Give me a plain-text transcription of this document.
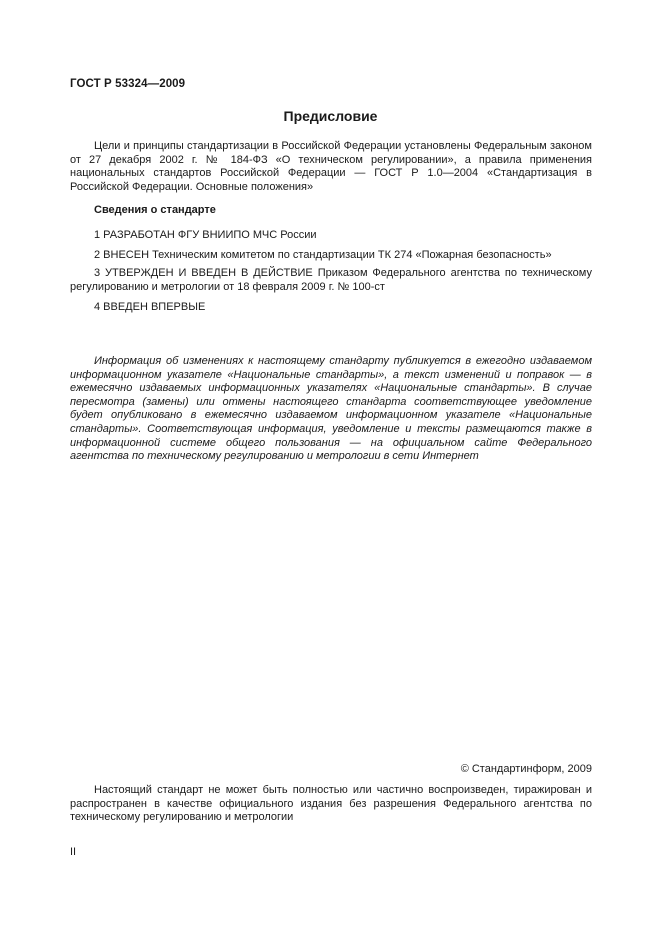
ГОСТ Р 53324—2009
Предисловие

Цели и принципы стандартизации в Российской Федерации установлены Федеральным законом от 27 декабря 2002 г. № 184-ФЗ «О техническом регулировании», а правила применения национальных стандартов Российской Федерации — ГОСТ Р 1.0—2004 «Стандартизация в Российской Федерации. Основные положения»

Сведения о стандарте

1 РАЗРАБОТАН ФГУ ВНИИПО МЧС России

2 ВНЕСЕН Техническим комитетом по стандартизации ТК 274 «Пожарная безопасность»

3 УТВЕРЖДЕН И ВВЕДЕН В ДЕЙСТВИЕ Приказом Федерального агентства по техническому регулированию и метрологии от 18 февраля 2009 г. № 100-ст

4 ВВЕДЕН ВПЕРВЫЕ

Информация об изменениях к настоящему стандарту публикуется в ежегодно издаваемом информационном указателе «Национальные стандарты», а текст изменений и поправок — в ежемесячно издаваемых информационных указателях «Национальные стандарты». В случае пересмотра (замены) или отмены настоящего стандарта соответствующее уведомление будет опубликовано в ежемесячно издаваемом информационном указателе «Национальные стандарты». Соответствующая информация, уведомление и тексты размещаются также в информационной системе общего пользования — на официальном сайте Федерального агентства по техническому регулированию и метрологии в сети Интернет

© Стандартинформ, 2009

Настоящий стандарт не может быть полностью или частично воспроизведен, тиражирован и распространен в качестве официального издания без разрешения Федерального агентства по техническому регулированию и метрологии

II
